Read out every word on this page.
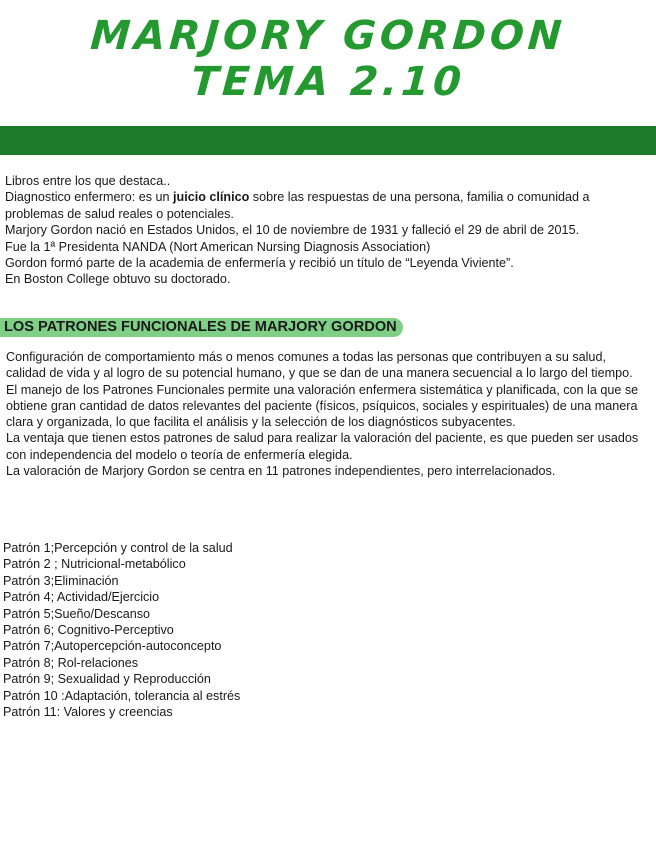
MARJORY GORDON
TEMA 2.10

Libros entre los que destaca..

Diagnostico enfermero: es un juicio clínico sobre las respuestas de una persona, familia o comunidad a problemas de salud reales o potenciales.

Marjory Gordon nació en Estados Unidos, el 10 de noviembre de 1931 y falleció el 29 de abril de 2015.

Fue la 1ª Presidenta NANDA (Nort American Nursing Diagnosis Association)

Gordon formó parte de la academia de enfermería y recibió un título de “Leyenda Viviente”.

En Boston College obtuvo su doctorado.

LOS PATRONES FUNCIONALES DE MARJORY GORDON

Configuración de comportamiento más o menos comunes a todas las personas que contribuyen a su salud, calidad de vida y al logro de su potencial humano, y que se dan de una manera secuencial a lo largo del tiempo.

El manejo de los Patrones Funcionales permite una valoración enfermera sistemática y planificada, con la que se obtiene gran cantidad de datos relevantes del paciente (físicos, psíquicos, sociales y espirituales) de una manera clara y organizada, lo que facilita el análisis y la selección de los diagnósticos subyacentes.

La ventaja que tienen estos patrones de salud para realizar la valoración del paciente, es que pueden ser usados con independencia del modelo o teoría de enfermería elegida.

La valoración de Marjory Gordon se centra en 11 patrones independientes, pero interrelacionados.

Patrón 1;Percepción y control de la salud
Patrón 2 ; Nutricional-metabólico
Patrón 3;Eliminación
Patrón 4; Actividad/Ejercicio
Patrón 5;Sueño/Descanso
Patrón 6; Cognitivo-Perceptivo
Patrón 7;Autopercepción-autoconcepto
Patrón 8; Rol-relaciones
Patrón 9; Sexualidad y Reproducción
Patrón 10 :Adaptación, tolerancia al estrés
Patrón 11: Valores y creencias
